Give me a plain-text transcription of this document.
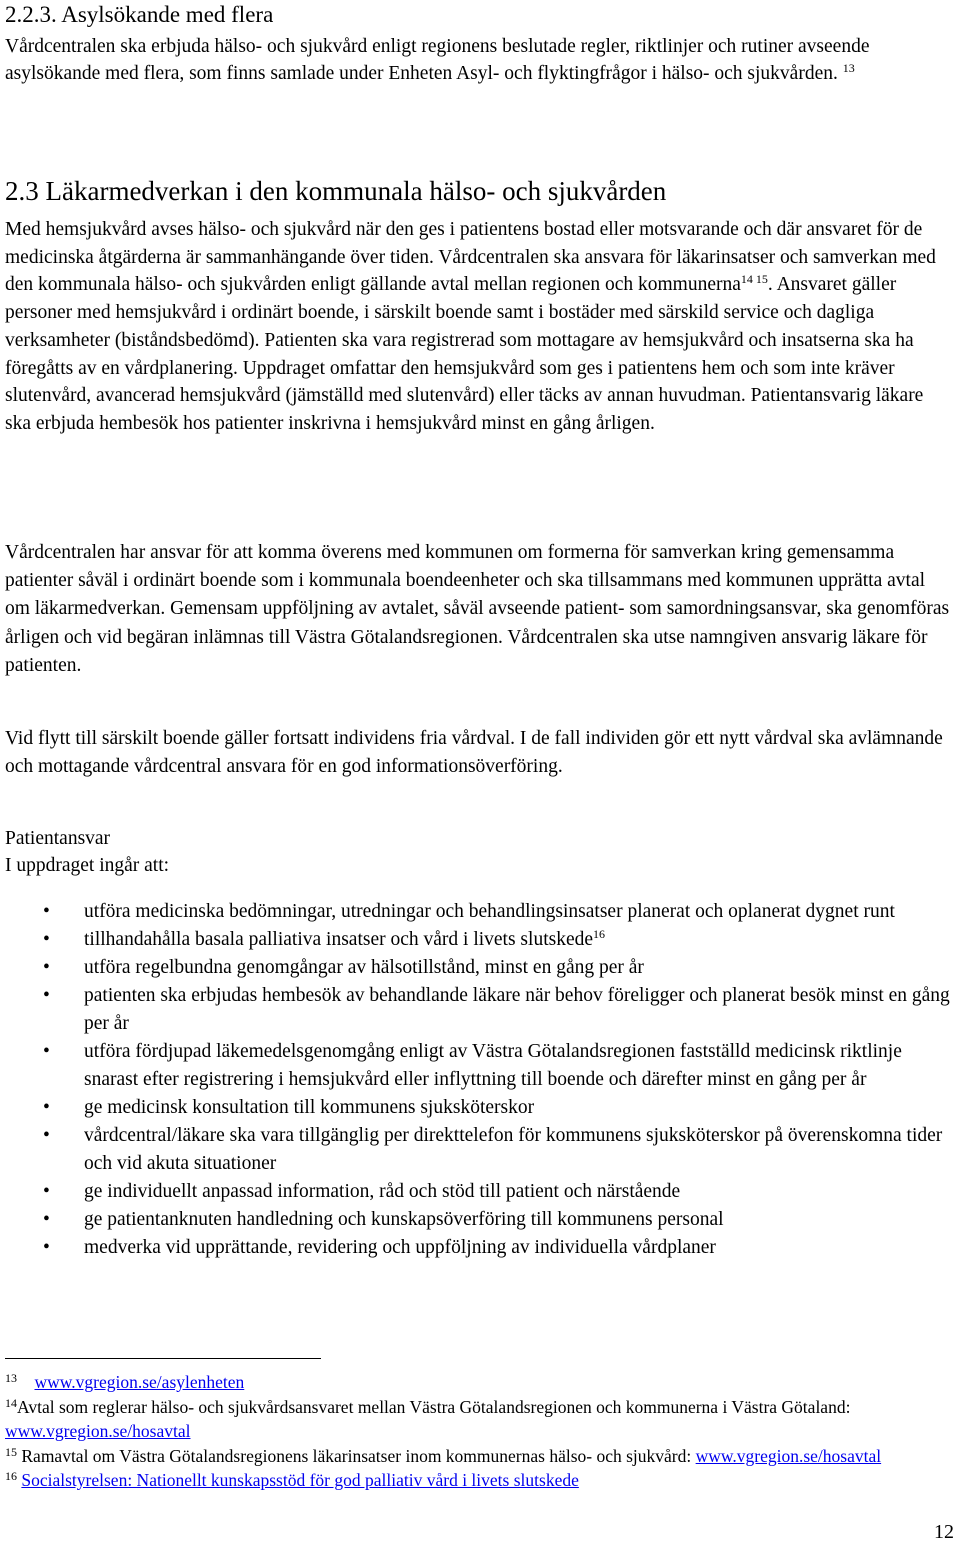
2.2.3. Asylsökande med flera

Vårdcentralen ska erbjuda hälso- och sjukvård enligt regionens beslutade regler, riktlinjer och rutiner avseende asylsökande med flera, som finns samlade under Enheten Asyl- och flyktingfrågor i hälso- och sjukvården. $^{13}$

2.3 Läkarmedverkan i den kommunala hälso- och sjukvården

Med hemsjukvård avses hälso- och sjukvård när den ges i patientens bostad eller motsvarande och där ansvaret för de medicinska åtgärderna är sammanhängande över tiden. Vårdcentralen ska ansvara för läkarinsatser och samverkan med den kommunala hälso- och sjukvården enligt gällande avtal mellan regionen och kommunerna$^{14 15}$. Ansvaret gäller personer med hemsjukvård i ordinärt boende, i särskilt boende samt i bostäder med särskild service och dagliga verksamheter (biståndsbedömd). Patienten ska vara registrerad som mottagare av hemsjukvård och insatserna ska ha föregåtts av en vårdplanering. Uppdraget omfattar den hemsjukvård som ges i patientens hem och som inte kräver slutenvård, avancerad hemsjukvård (jämställd med slutenvård) eller täcks av annan huvudman. Patientansvarig läkare ska erbjuda hembesök hos patienter inskrivna i hemsjukvård minst en gång årligen.

Vårdcentralen har ansvar för att komma överens med kommunen om formerna för samverkan kring gemensamma patienter såväl i ordinärt boende som i kommunala boendeenheter och ska tillsammans med kommunen upprätta avtal om läkarmedverkan. Gemensam uppföljning av avtalet, såväl avseende patient- som samordningsansvar, ska genomföras årligen och vid begäran inlämnas till Västra Götalandsregionen. Vårdcentralen ska utse namngiven ansvarig läkare för patienten.

Vid flytt till särskilt boende gäller fortsatt individens fria vårdval. I de fall individen gör ett nytt vårdval ska avlämnande och mottagande vårdcentral ansvara för en god informationsöverföring.

Patientansvar
I uppdraget ingår att:
• utföra medicinska bedömningar, utredningar och behandlingsinsatser planerat och oplanerat dygnet runt
• tillhandahålla basala palliativa insatser och vård i livets slutskede$^{16}$
• utföra regelbundna genomgångar av hälsotillstånd, minst en gång per år
• patienten ska erbjudas hembesök av behandlande läkare när behov föreligger och planerat besök minst en gång per år
• utföra fördjupad läkemedelsgenomgång enligt av Västra Götalandsregionen fastställd medicinsk riktlinje snarast efter registrering i hemsjukvård eller inflyttning till boende och därefter minst en gång per år
• ge medicinsk konsultation till kommunens sjuksköterskor
• vårdcentral/läkare ska vara tillgänglig per direkttelefon för kommunens sjuksköterskor på överenskomna tider och vid akuta situationer
• ge individuellt anpassad information, råd och stöd till patient och närstående
• ge patientanknuten handledning och kunskapsöverföring till kommunens personal
• medverka vid upprättande, revidering och uppföljning av individuella vårdplaner
$^{13}$ www.vgregion.se/asylenheten
$^{14}$Avtal som reglerar hälso- och sjukvårdsansvaret mellan Västra Götalandsregionen och kommunerna i Västra Götaland: www.vgregion.se/hosavtal
$^{15}$ Ramavtal om Västra Götalandsregionens läkarinsatser inom kommunernas hälso- och sjukvård: www.vgregion.se/hosavtal
$^{16}$ Socialstyrelsen: Nationellt kunskapsstöd för god palliativ vård i livets slutskede
12
